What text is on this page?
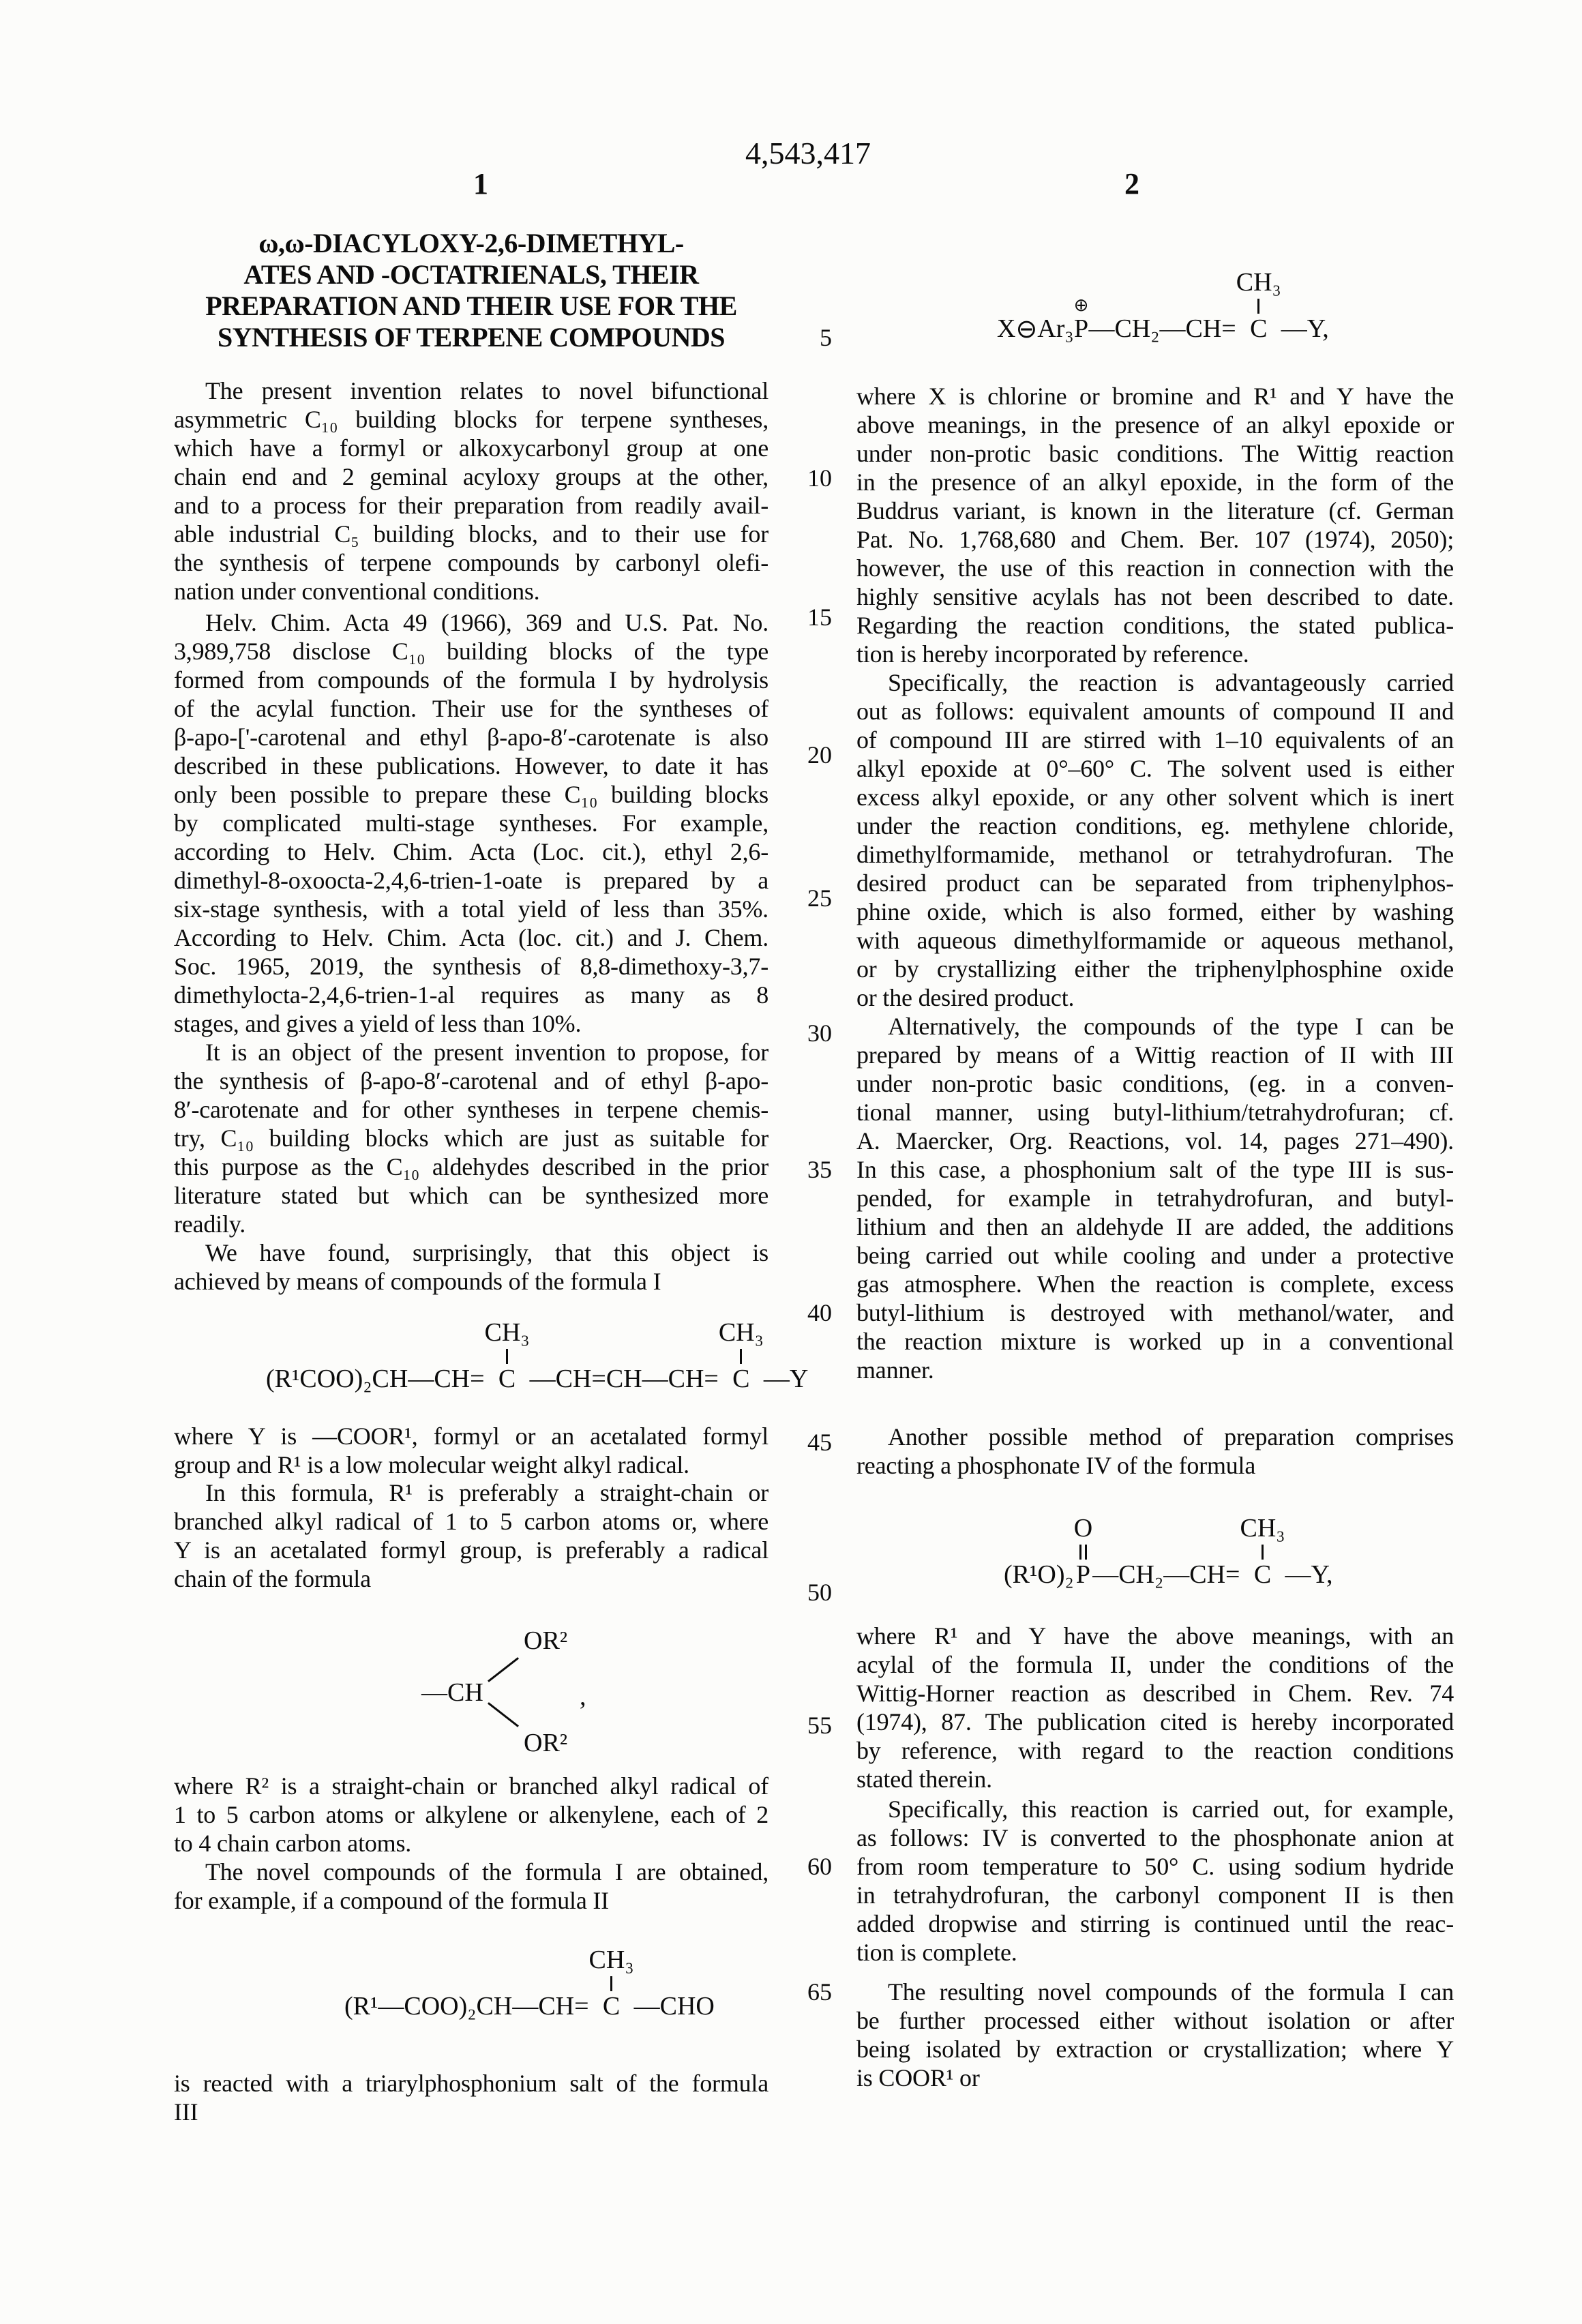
4,543,417
1	2
5
10
15
20
25
30
35
40
45
50
55
60
65
ω,ω-DIACYLOXY-2,6-DIMETHYL-
ATES AND -OCTATRIENALS, THEIR
PREPARATION AND THEIR USE FOR THE
SYNTHESIS OF TERPENE COMPOUNDS
The present invention relates to novel bifunctional
asymmetric C₁₀ building blocks for terpene syntheses,
which have a formyl or alkoxycarbonyl group at one
chain end and 2 geminal acyloxy groups at the other,
and to a process for their preparation from readily avail-
able industrial C₅ building blocks, and to their use for
the synthesis of terpene compounds by carbonyl olefi-
nation under conventional conditions.
Helv. Chim. Acta 49 (1966), 369 and U.S. Pat. No.
3,989,758 disclose C₁₀ building blocks of the type
formed from compounds of the formula I by hydrolysis
of the acylal function. Their use for the syntheses of
β-apo-['-carotenal and ethyl β-apo-8′-carotenate is also
described in these publications. However, to date it has
only been possible to prepare these C₁₀ building blocks
by complicated multi-stage syntheses. For example,
according to Helv. Chim. Acta (Loc. cit.), ethyl 2,6-
dimethyl-8-oxoocta-2,4,6-trien-1-oate is prepared by a
six-stage synthesis, with a total yield of less than 35%.
According to Helv. Chim. Acta (loc. cit.) and J. Chem.
Soc. 1965, 2019, the synthesis of 8,8-dimethoxy-3,7-
dimethylocta-2,4,6-trien-1-al requires as many as 8
stages, and gives a yield of less than 10%.
It is an object of the present invention to propose, for
the synthesis of β-apo-8′-carotenal and of ethyl β-apo-
8′-carotenate and for other syntheses in terpene chemis-
try, C₁₀ building blocks which are just as suitable for
this purpose as the C₁₀ aldehydes described in the prior
literature stated but which can be synthesized more
readily.
We have found, surprisingly, that this object is
achieved by means of compounds of the formula I
(R¹COO)₂CH—CH=
CH₃
C —CH=CH—CH=
CH₃
C —Y
where Y is —COOR¹, formyl or an acetalated formyl
group and R¹ is a low molecular weight alkyl radical.
In this formula, R¹ is preferably a straight-chain or
branched alkyl radical of 1 to 5 carbon atoms or, where
Y is an acetalated formyl group, is preferably a radical
chain of the formula
OR²
—CH
OR²
,
where R² is a straight-chain or branched alkyl radical of
1 to 5 carbon atoms or alkylene or alkenylene, each of 2
to 4 chain carbon atoms.
The novel compounds of the formula I are obtained,
for example, if a compound of the formula II
(R¹—COO)₂CH—CH=
CH₃
C —CHO
is reacted with a triarylphosphonium salt of the formula
III
X ⊖ Ar₃
⊕
P —CH₂—CH=
CH₃
C —Y,
where X is chlorine or bromine and R¹ and Y have the
above meanings, in the presence of an alkyl epoxide or
under non-protic basic conditions. The Wittig reaction
in the presence of an alkyl epoxide, in the form of the
Buddrus variant, is known in the literature (cf. German
Pat. No. 1,768,680 and Chem. Ber. 107 (1974), 2050);
however, the use of this reaction in connection with the
highly sensitive acylals has not been described to date.
Regarding the reaction conditions, the stated publica-
tion is hereby incorporated by reference.
Specifically, the reaction is advantageously carried
out as follows: equivalent amounts of compound II and
of compound III are stirred with 1–10 equivalents of an
alkyl epoxide at 0°–60° C. The solvent used is either
excess alkyl epoxide, or any other solvent which is inert
under the reaction conditions, eg. methylene chloride,
dimethylformamide, methanol or tetrahydrofuran. The
desired product can be separated from triphenylphos-
phine oxide, which is also formed, either by washing
with aqueous dimethylformamide or aqueous methanol,
or by crystallizing either the triphenylphosphine oxide
or the desired product.
Alternatively, the compounds of the type I can be
prepared by means of a Wittig reaction of II with III
under non-protic basic conditions, (eg. in a conven-
tional manner, using butyl-lithium/tetrahydrofuran; cf.
A. Maercker, Org. Reactions, vol. 14, pages 271–490).
In this case, a phosphonium salt of the type III is sus-
pended, for example in tetrahydrofuran, and butyl-
lithium and then an aldehyde II are added, the additions
being carried out while cooling and under a protective
gas atmosphere. When the reaction is complete, excess
butyl-lithium is destroyed with methanol/water, and
the reaction mixture is worked up in a conventional
manner.
Another possible method of preparation comprises
reacting a phosphonate IV of the formula
(R¹O)₂
O
P —CH₂—CH=
CH₃
C —Y,
where R¹ and Y have the above meanings, with an
acylal of the formula II, under the conditions of the
Wittig-Horner reaction as described in Chem. Rev. 74
(1974), 87. The publication cited is hereby incorporated
by reference, with regard to the reaction conditions
stated therein.
Specifically, this reaction is carried out, for example,
as follows: IV is converted to the phosphonate anion at
from room temperature to 50° C. using sodium hydride
in tetrahydrofuran, the carbonyl component II is then
added dropwise and stirring is continued until the reac-
tion is complete.
The resulting novel compounds of the formula I can
be further processed either without isolation or after
being isolated by extraction or crystallization; where Y
is COOR¹ or
